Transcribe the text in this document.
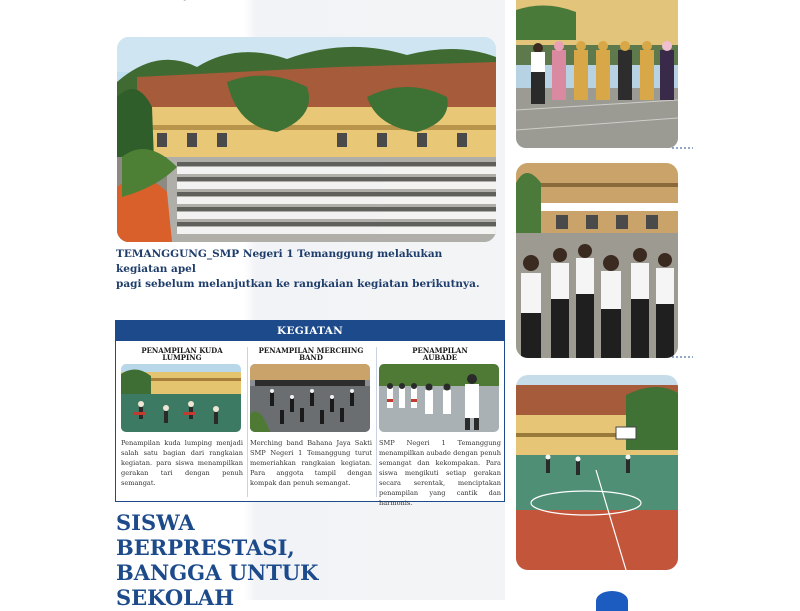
TEMANGGUNG_SMP Negeri 1 Temanggung melakukan kegiatan apel
pagi sebelum melanjutkan ke rangkaian kegiatan berikutnya.
KEGIATAN
PENAMPILAN KUDA
LUMPING
Penampilan kuda lumping menjadi salah satu bagian dari rangkaian kegiatan. para siswa menampilkan gerakan tari dengan penuh semangat.
PENAMPILAN MERCHING
BAND
Merching band Bahana Jaya Sakti SMP Negeri 1 Temanggung turut memeriahkan rangkaian kegiatan. Para anggota tampil dengan kompak dan penuh semangat.
PENAMPILAN
AUBADE
SMP Negeri 1 Temanggung menampilkan aubade dengan penuh semangat dan kekompakan. Para siswa mengikuti setiap gerakan secara serentak, menciptakan penampilan yang cantik dan harmonis.
SISWA
BERPRESTASI,
BANGGA UNTUK
SEKOLAH
